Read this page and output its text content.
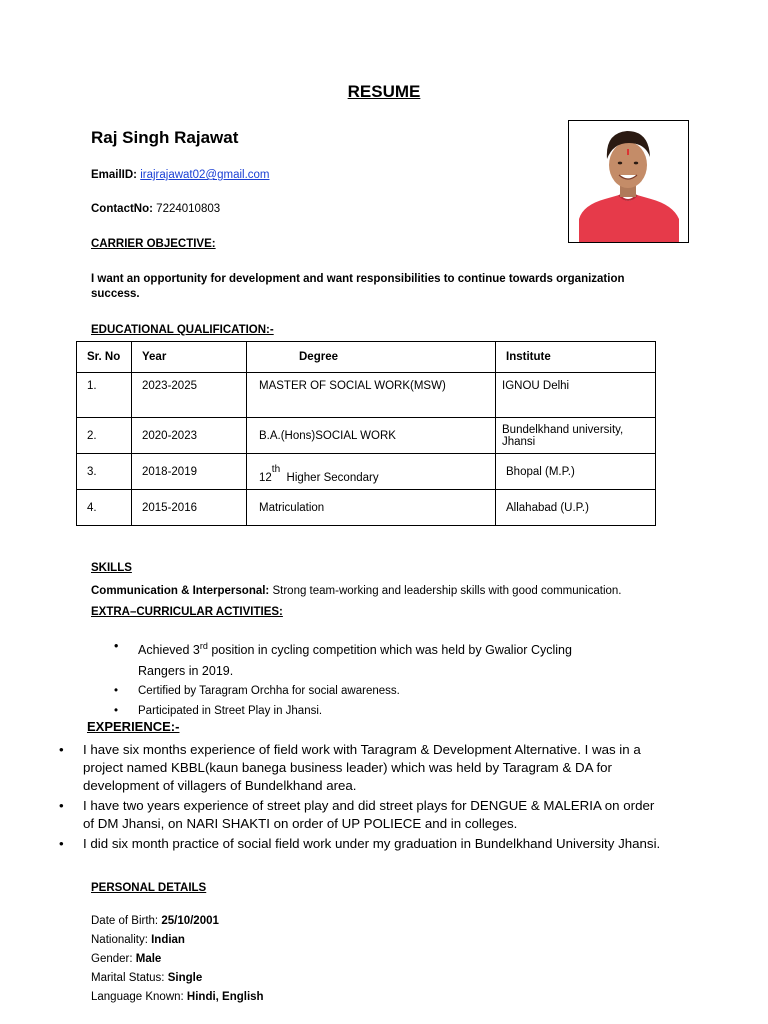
RESUME
Raj Singh Rajawat
EmailID: irajrajawat02@gmail.com
ContactNo: 7224010803
CARRIER OBJECTIVE:
I want an opportunity for development and want responsibilities to continue towards organization success.
EDUCATIONAL QUALIFICATION:-
Sr. No	Year	Degree	Institute
1.	2023-2025	MASTER OF SOCIAL WORK(MSW)	IGNOU Delhi
2.	2020-2023	B.A.(Hons)SOCIAL WORK	Bundelkhand university, Jhansi
3.	2018-2019	12th  Higher Secondary	Bhopal (M.P.)
4.	2015-2016	Matriculation	Allahabad (U.P.)
SKILLS
Communication & Interpersonal: Strong team-working and leadership skills with good communication.
EXTRA–CURRICULAR ACTIVITIES:
• Achieved 3rd position in cycling competition which was held by Gwalior Cycling Rangers in 2019.
• Certified by Taragram Orchha for social awareness.
• Participated in Street Play in Jhansi.
EXPERIENCE:-
• I have six months experience of field work with Taragram & Development Alternative. I was in a project named KBBL(kaun banega business leader) which was held by Taragram & DA for development of villagers of Bundelkhand area.
• I have two years experience of street play and did street plays for DENGUE & MALERIA on order of DM Jhansi, on NARI SHAKTI on order of UP POLIECE and in colleges.
• I did six month practice of social field work under my graduation in Bundelkhand University Jhansi.
PERSONAL DETAILS
Date of Birth: 25/10/2001
Nationality: Indian
Gender: Male
Marital Status: Single
Language Known: Hindi, English
